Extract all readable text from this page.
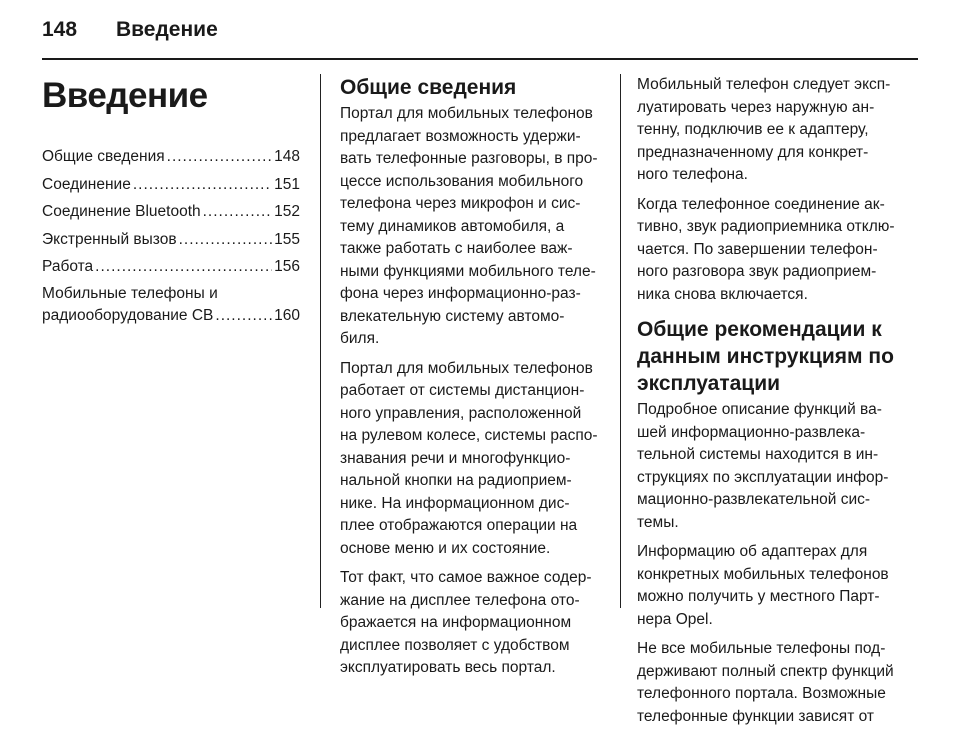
148 Введение
Введение
Общие сведения .....	148
Соединение .....	151
Соединение Bluetooth .....	152
Экстренный вызов .....	155
Работа .....	156
Мобильные телефоны и
радиооборудование CB .....	160
Общие сведения

Портал для мобильных телефонов
предлагает возможность удержи-
вать телефонные разговоры, в про-
цессе использования мобильного
телефона через микрофон и сис-
тему динамиков автомобиля, а
также работать с наиболее важ-
ными функциями мобильного теле-
фона через информационно-раз-
влекательную систему автомо-
биля.

Портал для мобильных телефонов
работает от системы дистанцион-
ного управления, расположенной
на рулевом колесе, системы распо-
знавания речи и многофункцио-
нальной кнопки на радиоприем-
нике. На информационном дис-
плее отображаются операции на
основе меню и их состояние.

Тот факт, что самое важное содер-
жание на дисплее телефона ото-
бражается на информационном
дисплее позволяет с удобством
эксплуатировать весь портал.

Мобильный телефон следует эксп-
луатировать через наружную ан-
тенну, подключив ее к адаптеру,
предназначенному для конкрет-
ного телефона.

Когда телефонное соединение ак-
тивно, звук радиоприемника отклю-
чается. По завершении телефон-
ного разговора звук радиоприем-
ника снова включается.

Общие рекомендации к
данным инструкциям по
эксплуатации

Подробное описание функций ва-
шей информационно-развлека-
тельной системы находится в ин-
струкциях по эксплуатации инфор-
мационно-развлекательной сис-
темы.

Информацию об адаптерах для
конкретных мобильных телефонов
можно получить у местного Парт-
нера Opel.

Не все мобильные телефоны под-
держивают полный спектр функций
телефонного портала. Возможные
телефонные функции зависят от
